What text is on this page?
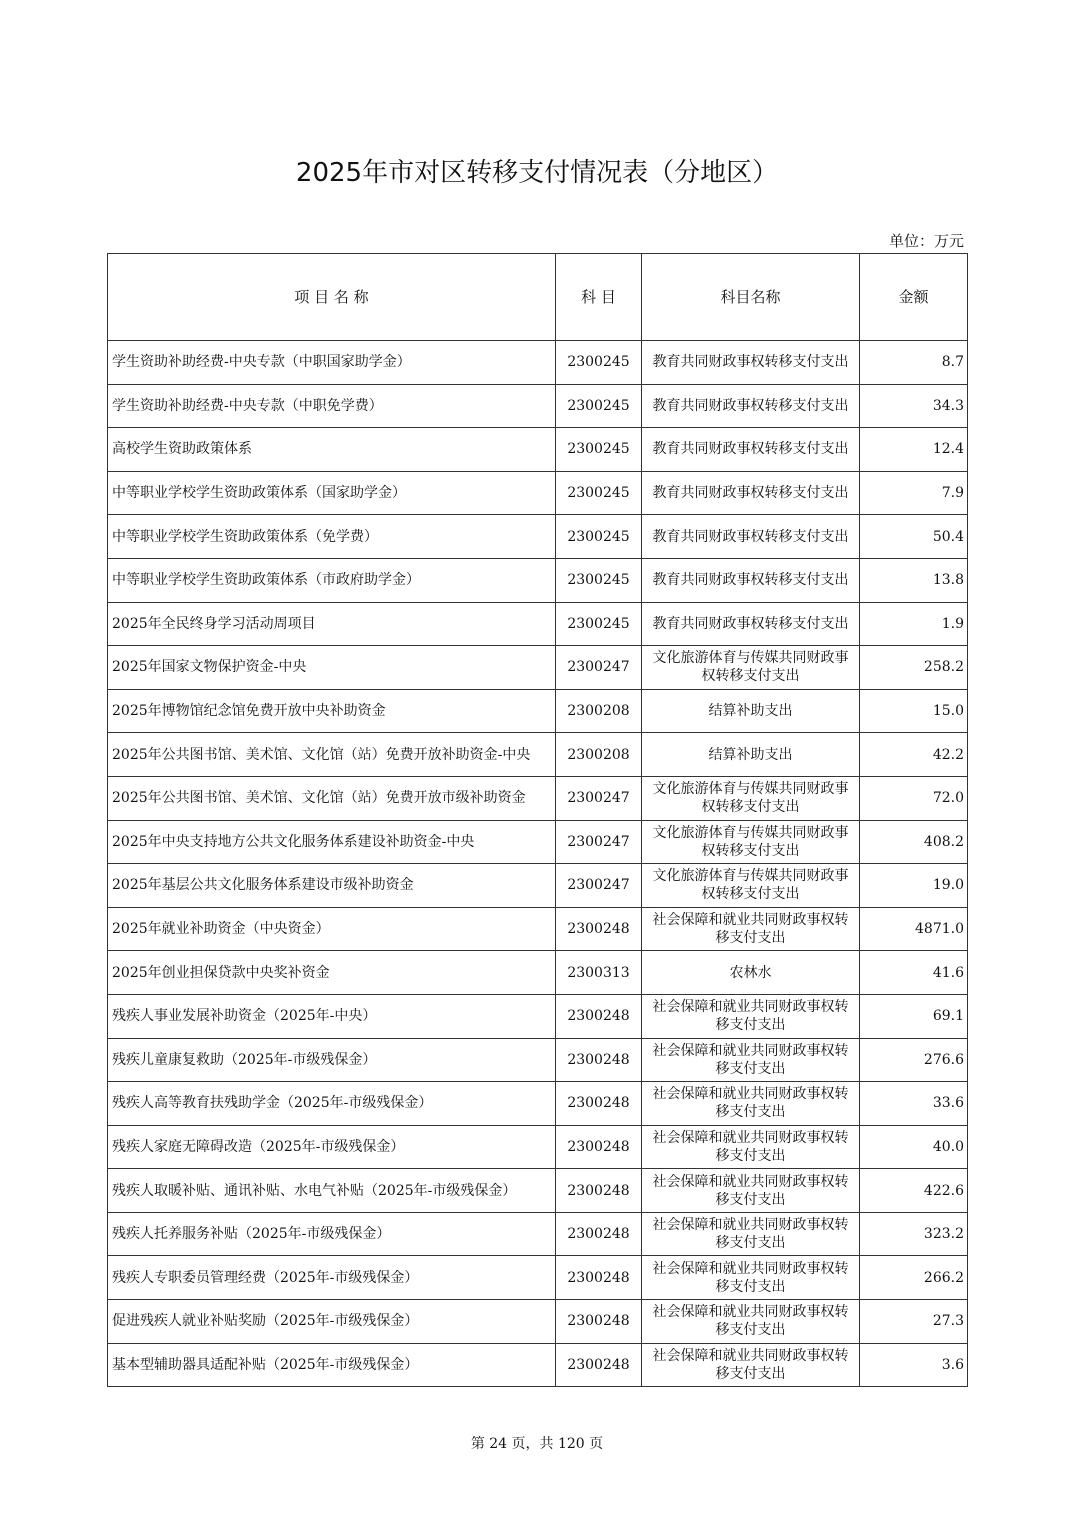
2025年市对区转移支付情况表（分地区）
单位：万元
项 目 名 称	科 目	科目名称	金额
学生资助补助经费-中央专款（中职国家助学金）	2300245	教育共同财政事权转移支付支出	8.7
学生资助补助经费-中央专款（中职免学费）	2300245	教育共同财政事权转移支付支出	34.3
高校学生资助政策体系	2300245	教育共同财政事权转移支付支出	12.4
中等职业学校学生资助政策体系（国家助学金）	2300245	教育共同财政事权转移支付支出	7.9
中等职业学校学生资助政策体系（免学费）	2300245	教育共同财政事权转移支付支出	50.4
中等职业学校学生资助政策体系（市政府助学金）	2300245	教育共同财政事权转移支付支出	13.8
2025年全民终身学习活动周项目	2300245	教育共同财政事权转移支付支出	1.9
2025年国家文物保护资金-中央	2300247	文化旅游体育与传媒共同财政事权转移支付支出	258.2
2025年博物馆纪念馆免费开放中央补助资金	2300208	结算补助支出	15.0
2025年公共图书馆、美术馆、文化馆（站）免费开放补助资金-中央	2300208	结算补助支出	42.2
2025年公共图书馆、美术馆、文化馆（站）免费开放市级补助资金	2300247	文化旅游体育与传媒共同财政事权转移支付支出	72.0
2025年中央支持地方公共文化服务体系建设补助资金-中央	2300247	文化旅游体育与传媒共同财政事权转移支付支出	408.2
2025年基层公共文化服务体系建设市级补助资金	2300247	文化旅游体育与传媒共同财政事权转移支付支出	19.0
2025年就业补助资金（中央资金）	2300248	社会保障和就业共同财政事权转移支付支出	4871.0
2025年创业担保贷款中央奖补资金	2300313	农林水	41.6
残疾人事业发展补助资金（2025年-中央）	2300248	社会保障和就业共同财政事权转移支付支出	69.1
残疾儿童康复救助（2025年-市级残保金）	2300248	社会保障和就业共同财政事权转移支付支出	276.6
残疾人高等教育扶残助学金（2025年-市级残保金）	2300248	社会保障和就业共同财政事权转移支付支出	33.6
残疾人家庭无障碍改造（2025年-市级残保金）	2300248	社会保障和就业共同财政事权转移支付支出	40.0
残疾人取暖补贴、通讯补贴、水电气补贴（2025年-市级残保金）	2300248	社会保障和就业共同财政事权转移支付支出	422.6
残疾人托养服务补贴（2025年-市级残保金）	2300248	社会保障和就业共同财政事权转移支付支出	323.2
残疾人专职委员管理经费（2025年-市级残保金）	2300248	社会保障和就业共同财政事权转移支付支出	266.2
促进残疾人就业补贴奖励（2025年-市级残保金）	2300248	社会保障和就业共同财政事权转移支付支出	27.3
基本型辅助器具适配补贴（2025年-市级残保金）	2300248	社会保障和就业共同财政事权转移支付支出	3.6
第 24 页，共 120 页
